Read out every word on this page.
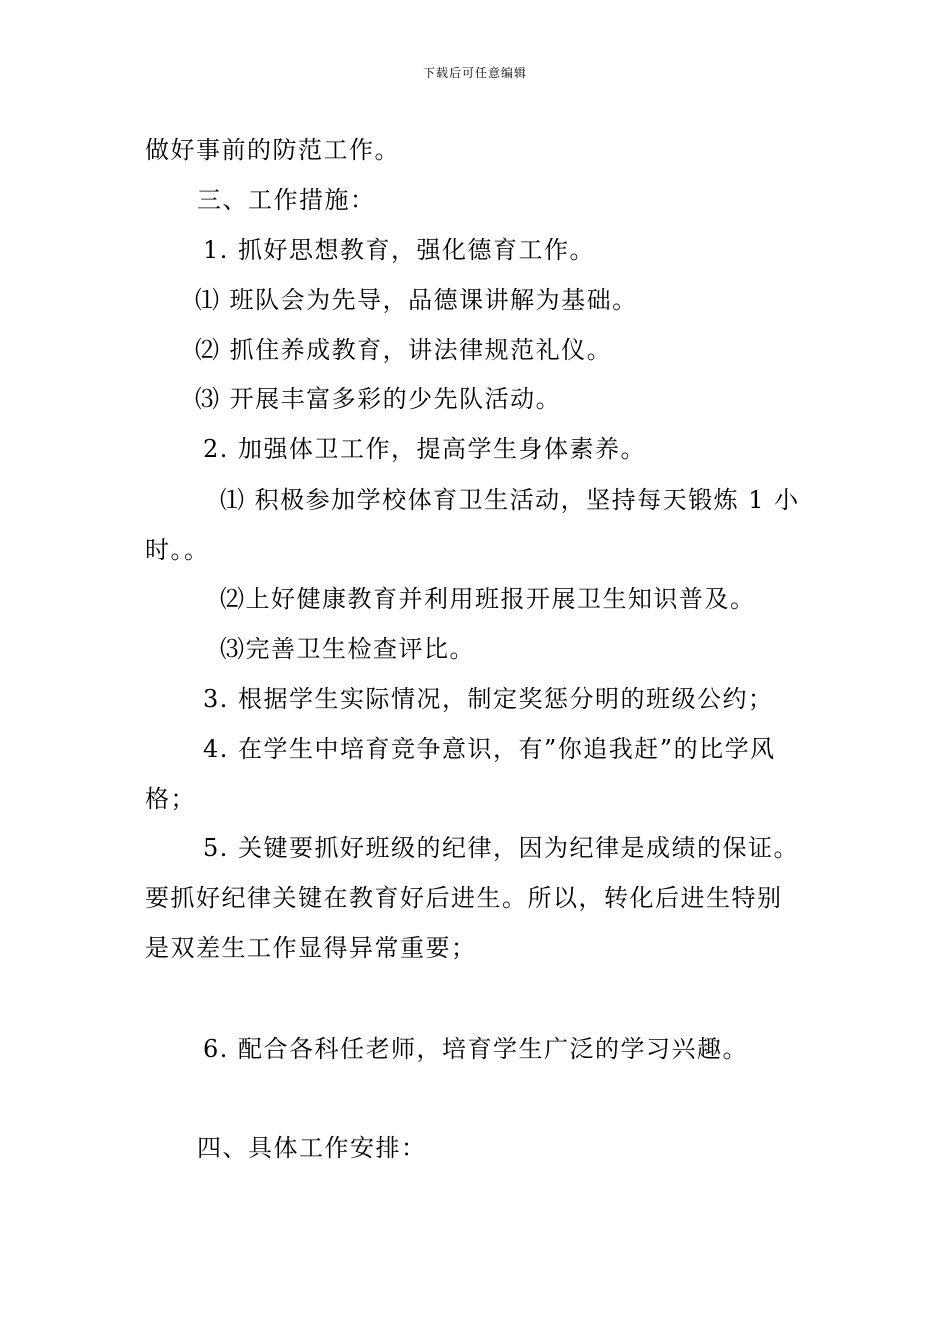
下载后可任意编辑
做好事前的防范工作。
三、工作措施：
1. 抓好思想教育，强化德育工作。
⑴ 班队会为先导，品德课讲解为基础。
⑵ 抓住养成教育，讲法律规范礼仪。
⑶ 开展丰富多彩的少先队活动。
2. 加强体卫工作，提高学生身体素养。
⑴ 积极参加学校体育卫生活动，坚持每天锻炼 1 小
时。。
⑵上好健康教育并利用班报开展卫生知识普及。
⑶完善卫生检查评比。
3. 根据学生实际情况，制定奖惩分明的班级公约；
4. 在学生中培育竞争意识，有”你追我赶”的比学风
格；
5. 关键要抓好班级的纪律，因为纪律是成绩的保证。
要抓好纪律关键在教育好后进生。所以，转化后进生特别
是双差生工作显得异常重要；
6. 配合各科任老师，培育学生广泛的学习兴趣。
四、具体工作安排：
